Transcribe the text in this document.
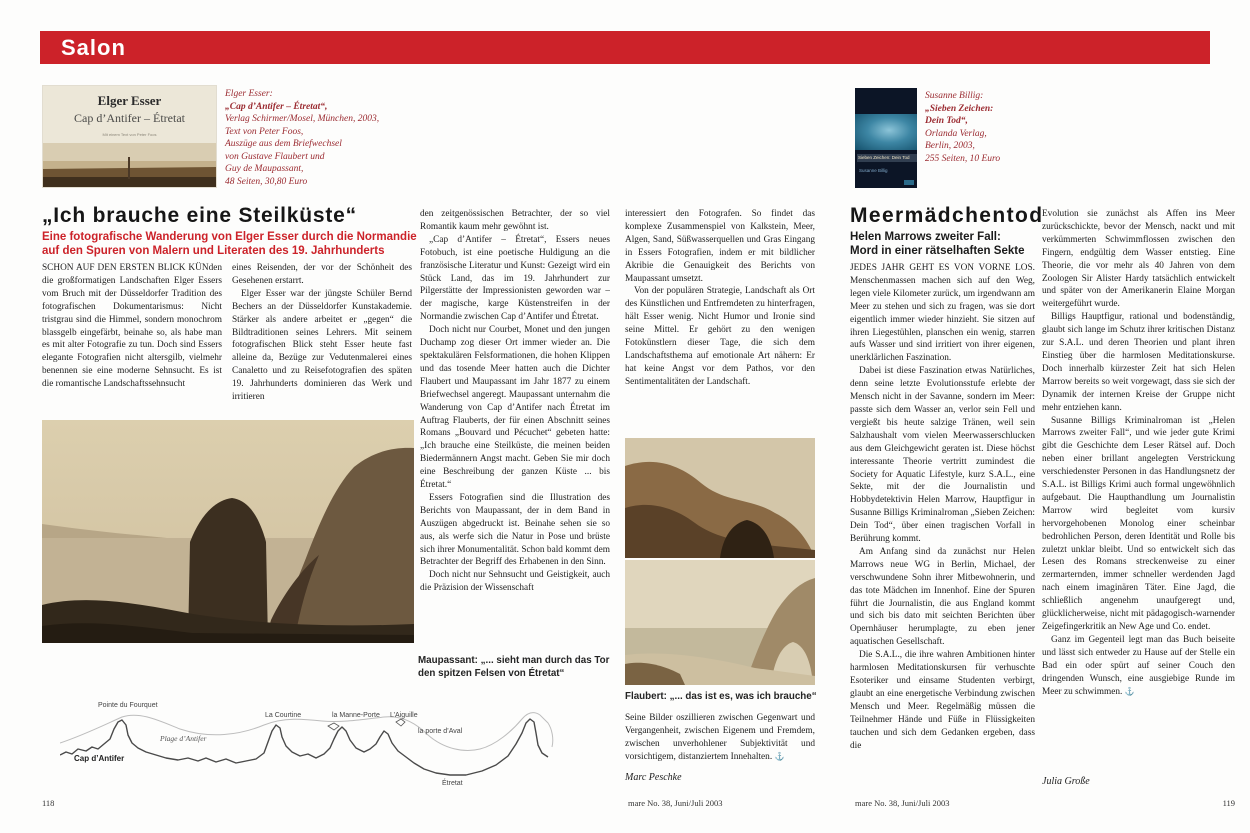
Salon
Elger Esser
Cap d’Antifer – Étretat
Mit einem Text von Peter Foos
Elger Esser:
„Cap d’Antifer – Étretat“,
Verlag Schirmer/Mosel, München, 2003,
Text von Peter Foos,
Auszüge aus dem Briefwechsel
von Gustave Flaubert und
Guy de Maupassant,
48 Seiten, 30,80 Euro
„Ich brauche eine Steilküste“
Eine fotografische Wanderung von Elger Esser durch die Normandie
auf den Spuren von Malern und Literaten des 19. Jahrhunderts

SCHON AUF DEN ERSTEN BLICK KÜNden die großformatigen Landschaften Elger Essers vom Bruch mit der Düsseldorfer Tradition des fotografischen Dokumentarismus: Nicht tristgrau sind die Himmel, sondern monochrom blassgelb eingefärbt, beinahe so, als habe man es mit alter Fotografie zu tun. Doch sind Essers elegante Fotografien nicht altersgilb, vielmehr benennen sie eine moderne Sehnsucht. Es ist die romantische Landschaftssehnsucht

eines Reisenden, der vor der Schönheit des Gesehenen erstarrt.

Elger Esser war der jüngste Schüler Bernd Bechers an der Düsseldorfer Kunstakademie. Stärker als andere arbeitet er „gegen“ die Bildtraditionen seines Lehrers. Mit seinem fotografischen Blick steht Esser heute fast alleine da, Bezüge zur Vedutenmalerei eines Canaletto und zu Reisefotografien des späten 19. Jahrhunderts dominieren das Werk und irritieren

den zeitgenössischen Betrachter, der so viel Romantik kaum mehr gewöhnt ist.

„Cap d’Antifer – Étretat“, Essers neues Fotobuch, ist eine poetische Huldigung an die französische Literatur und Kunst: Gezeigt wird ein Stück Land, das im 19. Jahrhundert zur Pilgerstätte der Impressionisten geworden war – der magische, karge Küstenstreifen in der Normandie zwischen Cap d’Antifer und Étretat.

Doch nicht nur Courbet, Monet und den jungen Duchamp zog dieser Ort immer wieder an. Die spektakulären Felsformationen, die hohen Klippen und das tosende Meer hatten auch die Dichter Flaubert und Maupassant im Jahr 1877 zu einem Briefwechsel angeregt. Maupassant unternahm die Wanderung von Cap d’Antifer nach Étretat im Auftrag Flauberts, der für einen Abschnitt seines Romans „Bouvard und Pécuchet“ gebeten hatte: „Ich brauche eine Steilküste, die meinen beiden Biedermännern Angst macht. Geben Sie mir doch eine Beschreibung der ganzen Küste ... bis Étretat.“

Essers Fotografien sind die Illustration des Berichts von Maupassant, der in dem Band in Auszügen abgedruckt ist. Beinahe sehen sie so aus, als werfe sich die Natur in Pose und brüste sich ihrer Monumentalität. Schon bald kommt dem Betrachter der Begriff des Erhabenen in den Sinn.

Doch nicht nur Sehnsucht und Geistigkeit, auch die Präzision der Wissenschaft

interessiert den Fotografen. So findet das komplexe Zusammenspiel von Kalkstein, Meer, Algen, Sand, Süßwasserquellen und Gras Eingang in Essers Fotografien, indem er mit bildlicher Akribie die Genauigkeit des Berichts von Maupassant umsetzt.

Von der populären Strategie, Landschaft als Ort des Künstlichen und Entfremdeten zu hinterfragen, hält Esser wenig. Nicht Humor und Ironie sind seine Mittel. Er gehört zu den wenigen Fotokünstlern dieser Tage, die sich dem Landschaftsthema auf emotionale Art nähern: Er hat keine Angst vor dem Pathos, vor den Sentimentalitäten der Landschaft.

Maupassant: „... sieht man durch das Tor den spitzen Felsen von Étretat“
Flaubert: „... das ist es, was ich brauche“

Seine Bilder oszillieren zwischen Gegenwart und Vergangenheit, zwischen Eigenem und Fremdem, zwischen unverhohlener Subjektivität und vorsichtigem, distanziertem Innehalten. ⚓

Marc Peschke
Pointe du Fourquet
La Courtine	la Manne-Porte L’Aiguille
la porte d’Aval
Plage d’Antifer
Cap d’Antifer
Étretat
Sieben Zeichen: Dein Tod
Susanne Billig
Susanne Billig:
„Sieben Zeichen:
Dein Tod“,
Orlanda Verlag,
Berlin, 2003,
255 Seiten, 10 Euro
Meermädchentod
Helen Marrows zweiter Fall:
Mord in einer rätselhaften Sekte

JEDES JAHR GEHT ES VON VORNE LOS. Menschenmassen machen sich auf den Weg, legen viele Kilometer zurück, um irgendwann am Meer zu stehen und sich zu fragen, was sie dort eigentlich immer wieder hinzieht. Sie sitzen auf ihren Liegestühlen, planschen ein wenig, starren aufs Wasser und sind irritiert von ihrer eigenen, unerklärlichen Faszination.

Dabei ist diese Faszination etwas Natürliches, denn seine letzte Evolutionsstufe erlebte der Mensch nicht in der Savanne, sondern im Meer: passte sich dem Wasser an, verlor sein Fell und vergießt bis heute salzige Tränen, weil sein Salzhaushalt vom vielen Meerwasserschlucken aus dem Gleichgewicht geraten ist. Diese höchst interessante Theorie vertritt zumindest die Society for Aquatic Lifestyle, kurz S.A.L., eine Sekte, mit der die Journalistin und Hobbydetektivin Helen Marrow, Hauptfigur in Susanne Billigs Kriminalroman „Sieben Zeichen: Dein Tod“, über einen tragischen Vorfall in Berührung kommt.

Am Anfang sind da zunächst nur Helen Marrows neue WG in Berlin, Michael, der verschwundene Sohn ihrer Mitbewohnerin, und das tote Mädchen im Innenhof. Eine der Spuren führt die Journalistin, die aus England kommt und sich bis dato mit seichten Berichten über Opernhäuser herumplagte, zu eben jener aquatischen Gesellschaft.

Die S.A.L., die ihre wahren Ambitionen hinter harmlosen Meditationskursen für verhuschte Esoteriker und einsame Studenten verbirgt, glaubt an eine energetische Verbindung zwischen Mensch und Meer. Regelmäßig müssen die Teilnehmer Hände und Füße in Flüssigkeiten tauchen und sich dem Gedanken ergeben, dass die

Evolution sie zunächst als Affen ins Meer zurückschickte, bevor der Mensch, nackt und mit verkümmerten Schwimmflossen zwischen den Fingern, endgültig dem Wasser entstieg. Eine Theorie, die vor mehr als 40 Jahren von dem Zoologen Sir Alister Hardy tatsächlich entwickelt und später von der Amerikanerin Elaine Morgan weitergeführt wurde.

Billigs Hauptfigur, rational und bodenständig, glaubt sich lange im Schutz ihrer kritischen Distanz zur S.A.L. und deren Theorien und plant ihren Einstieg über die harmlosen Meditationskurse. Doch innerhalb kürzester Zeit hat sich Helen Marrow bereits so weit vorgewagt, dass sie sich der Dynamik der internen Kreise der Gruppe nicht mehr entziehen kann.

Susanne Billigs Kriminalroman ist „Helen Marrows zweiter Fall“, und wie jeder gute Krimi gibt die Geschichte dem Leser Rätsel auf. Doch neben einer brillant angelegten Verstrickung verschiedenster Personen in das Handlungsnetz der S.A.L. ist Billigs Krimi auch formal ungewöhnlich aufgebaut. Die Haupthandlung um Journalistin Marrow wird begleitet vom kursiv hervorgehobenen Monolog einer scheinbar bedrohlichen Person, deren Identität und Rolle bis zuletzt unklar bleibt. Und so entwickelt sich das Lesen des Romans streckenweise zu einer zermarternden, immer schneller werdenden Jagd nach einem imaginären Täter. Eine Jagd, die schließlich angenehm unaufgeregt und, glücklicherweise, nicht mit pädagogisch-warnender Zeigefingerkritik an New Age und Co. endet.

Ganz im Gegenteil legt man das Buch beiseite und lässt sich entweder zu Hause auf der Stelle ein Bad ein oder spürt auf seiner Couch den dringenden Wunsch, eine ausgiebige Runde im Meer zu schwimmen. ⚓

Julia Große
118	mare No. 38, Juni/Juli 2003	mare No. 38, Juni/Juli 2003	119
